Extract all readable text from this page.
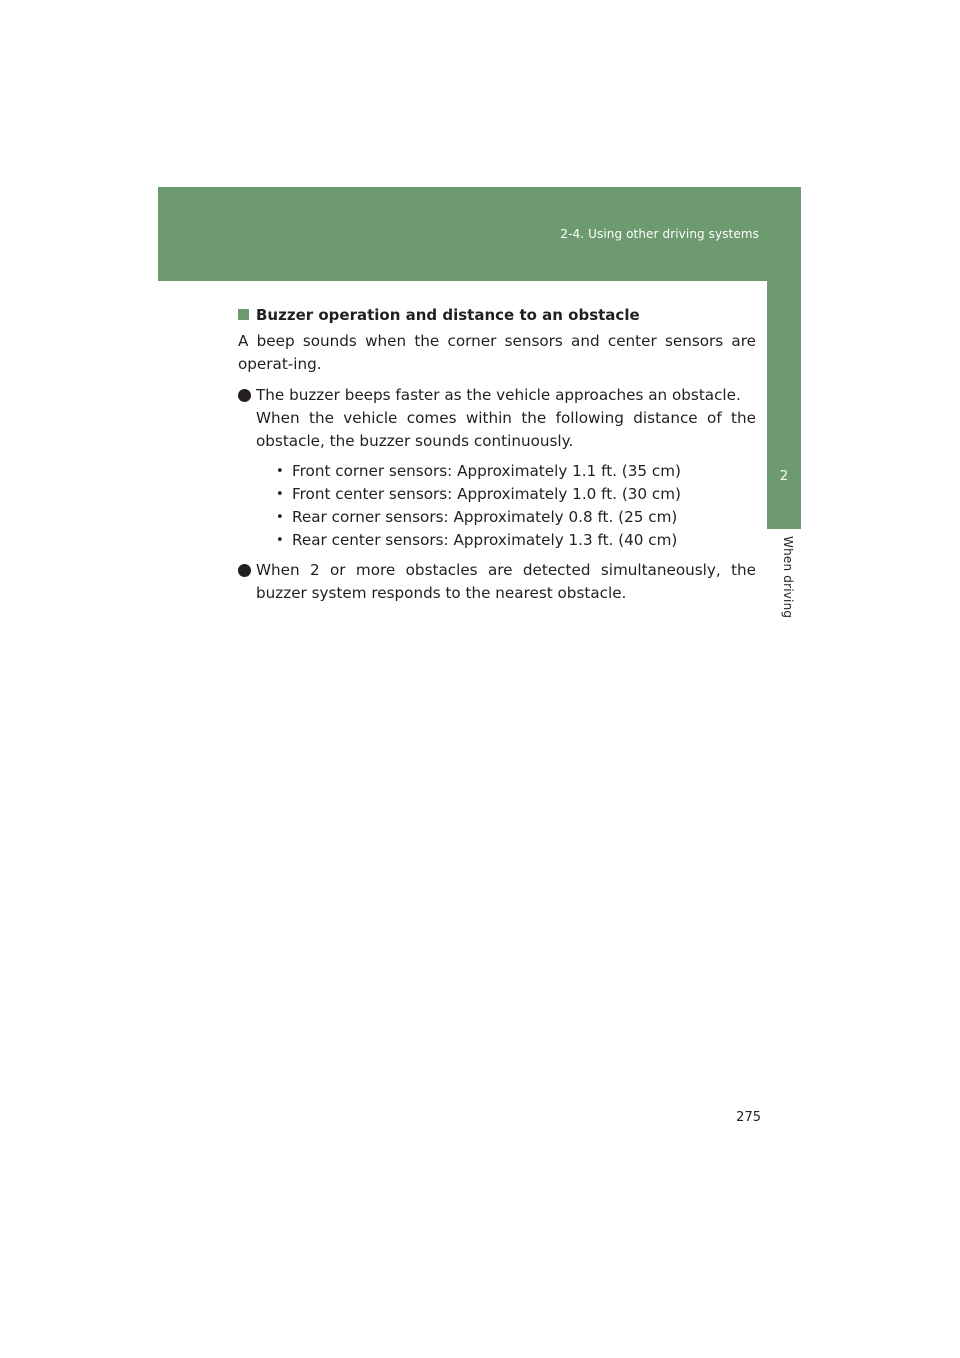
2-4. Using other driving systems
2
When driving

Buzzer operation and distance to an obstacle

A beep sounds when the corner sensors and center sensors are operat-ing.

The buzzer beeps faster as the vehicle approaches an obstacle.
When the vehicle comes within the following distance of the obstacle, the buzzer sounds continuously.
• Front corner sensors: Approximately 1.1 ft. (35 cm)
• Front center sensors: Approximately 1.0 ft. (30 cm)
• Rear corner sensors: Approximately 0.8 ft. (25 cm)
• Rear center sensors: Approximately 1.3 ft. (40 cm)
When 2 or more obstacles are detected simultaneously, the buzzer system responds to the nearest obstacle.
275
